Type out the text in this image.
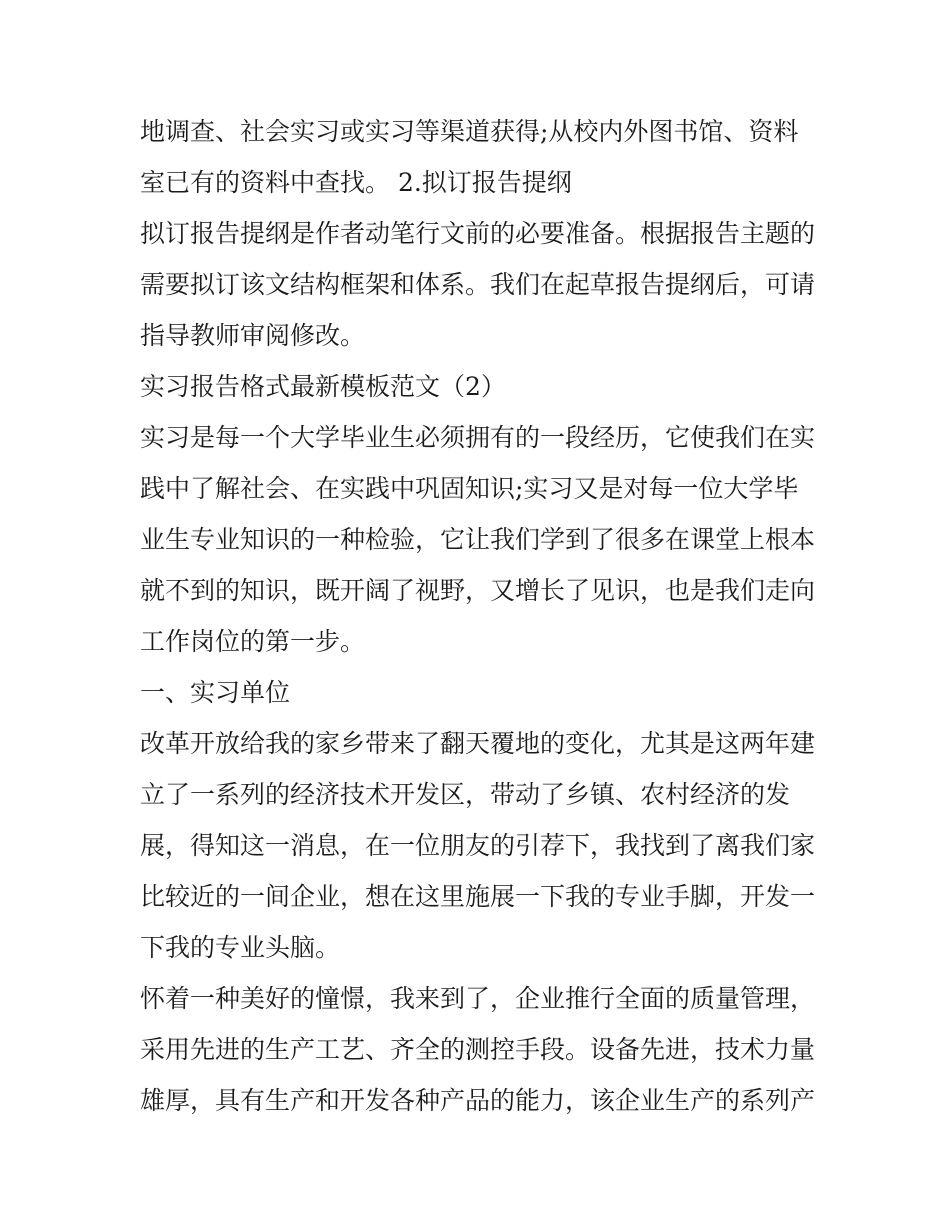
地调查、社会实习或实习等渠道获得;从校内外图书馆、资料
室已有的资料中查找。 2.拟订报告提纲
拟订报告提纲是作者动笔行文前的必要准备。根据报告主题的
需要拟订该文结构框架和体系。我们在起草报告提纲后，可请
指导教师审阅修改。
实习报告格式最新模板范文（2）
实习是每一个大学毕业生必须拥有的一段经历，它使我们在实
践中了解社会、在实践中巩固知识;实习又是对每一位大学毕
业生专业知识的一种检验，它让我们学到了很多在课堂上根本
就不到的知识，既开阔了视野，又增长了见识，也是我们走向
工作岗位的第一步。
一、实习单位
改革开放给我的家乡带来了翻天覆地的变化，尤其是这两年建
立了一系列的经济技术开发区，带动了乡镇、农村经济的发
展，得知这一消息，在一位朋友的引荐下，我找到了离我们家
比较近的一间企业，想在这里施展一下我的专业手脚，开发一
下我的专业头脑。
怀着一种美好的憧憬，我来到了，企业推行全面的质量管理，
采用先进的生产工艺、齐全的测控手段。设备先进，技术力量
雄厚，具有生产和开发各种产品的能力，该企业生产的系列产
